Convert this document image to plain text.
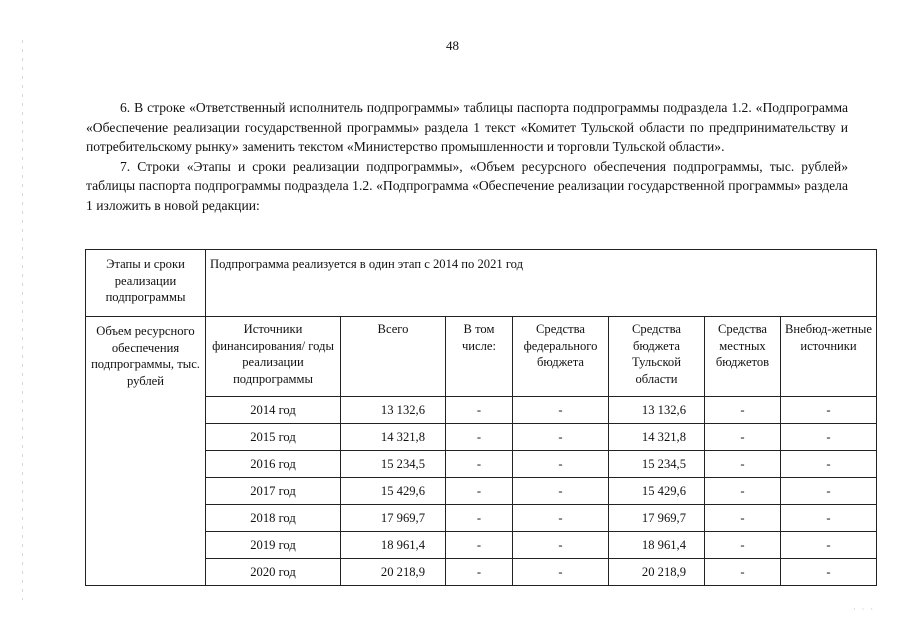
48

6. В строке «Ответственный исполнитель подпрограммы» таблицы паспорта подпрограммы подраздела 1.2. «Подпрограмма «Обеспечение реализации государственной программы» раздела 1 текст «Комитет Тульской области по предпринимательству и потребительскому рынку» заменить текстом «Министерство промышленности и торговли Тульской области».

7. Строки «Этапы и сроки реализации подпрограммы», «Объем ресурсного обеспечения подпрограммы, тыс. рублей» таблицы паспорта подпрограммы подраздела 1.2. «Подпрограмма «Обеспечение реализации государственной программы» раздела 1 изложить в новой редакции:

Этапы и сроки реализации подпрограммы	Подпрограмма реализуется в один этап с 2014 по 2021 год						
Объем ресурсного обеспечения подпрограммы, тыс. рублей	Источники финансирования/ годы реализации подпрограммы	Всего	В том числе:	Средства федерального бюджета	Средства бюджета Тульской области	Средства местных бюджетов	Внебюд-жетные источники
	2014 год	13 132,6	-	-	13 132,6	-	-
	2015 год	14 321,8	-	-	14 321,8	-	-
	2016 год	15 234,5	-	-	15 234,5	-	-
	2017 год	15 429,6	-	-	15 429,6	-	-
	2018 год	17 969,7	-	-	17 969,7	-	-
	2019 год	18 961,4	-	-	18 961,4	-	-
	2020 год	20 218,9	-	-	20 218,9	-	-
· · ·
